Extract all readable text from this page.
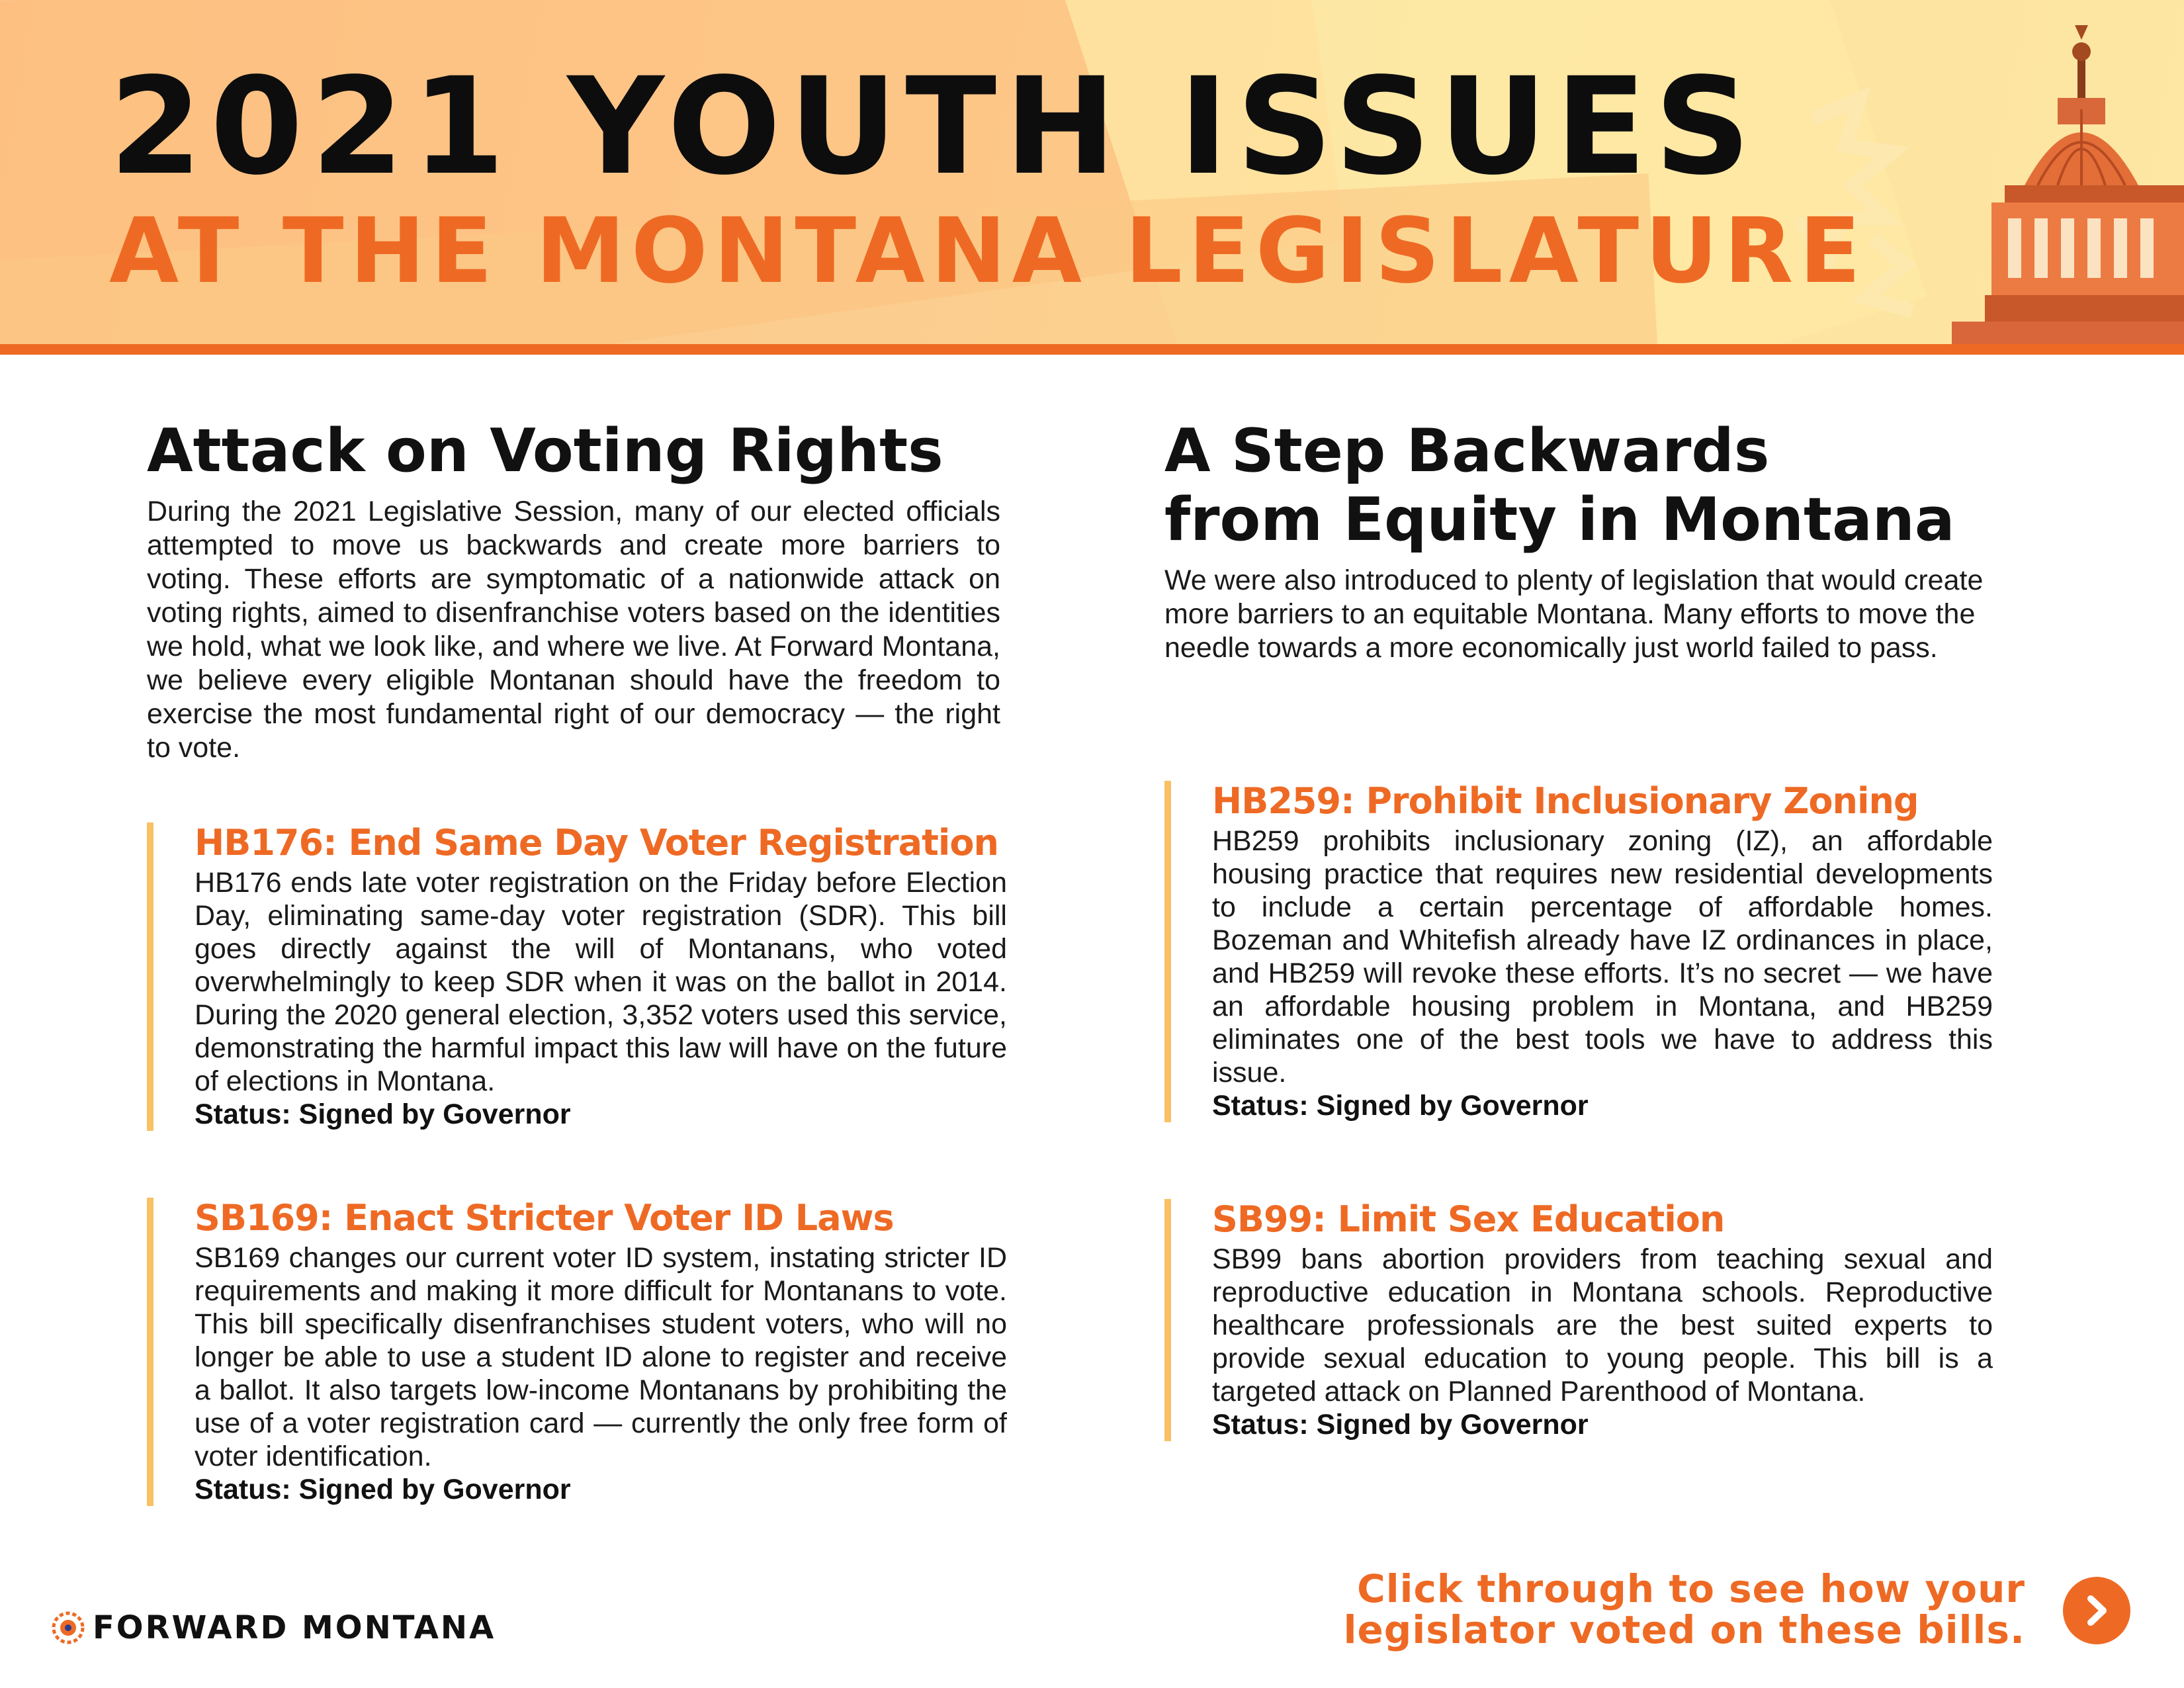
2021 YOUTH ISSUES
AT THE MONTANA LEGISLATURE
Attack on Voting Rights

During the 2021 Legislative Session, many of our elected officials attempted to move us backwards and create more barriers to voting. These efforts are symptomatic of a nationwide attack on voting rights, aimed to disenfranchise voters based on the identities we hold, what we look like, and where we live. At Forward Montana, we believe every eligible Montanan should have the freedom to exercise the most fundamental right of our democracy — the right to vote.

HB176: End Same Day Voter Registration

HB176 ends late voter registration on the Friday before Election Day, eliminating same-day voter registration (SDR). This bill goes directly against the will of Montanans, who voted overwhelmingly to keep SDR when it was on the ballot in 2014. During the 2020 general election, 3,352 voters used this service, demonstrating the harmful impact this law will have on the future of elections in Montana.

Status: Signed by Governor

SB169: Enact Stricter Voter ID Laws

SB169 changes our current voter ID system, instating stricter ID requirements and making it more difficult for Montanans to vote. This bill specifically disenfranchises student voters, who will no longer be able to use a student ID alone to register and receive a ballot. It also targets low-income Montanans by prohibiting the use of a voter registration card — currently the only free form of voter identification.

Status: Signed by Governor

A Step Backwards
from Equity in Montana

We were also introduced to plenty of legislation that would create more barriers to an equitable Montana. Many efforts to move the needle towards a more economically just world failed to pass.

HB259: Prohibit Inclusionary Zoning

HB259 prohibits inclusionary zoning (IZ), an affordable housing practice that requires new residential developments to include a certain percentage of affordable homes. Bozeman and Whitefish already have IZ ordinances in place, and HB259 will revoke these efforts. It’s no secret — we have an affordable housing problem in Montana, and HB259 eliminates one of the best tools we have to address this issue.

Status: Signed by Governor

SB99: Limit Sex Education

SB99 bans abortion providers from teaching sexual and reproductive education in Montana schools. Reproductive healthcare professionals are the best suited experts to provide sexual education to young people. This bill is a targeted attack on Planned Parenthood of Montana.

Status: Signed by Governor

FORWARD MONTANA
Click through to see how your
legislator voted on these bills.
